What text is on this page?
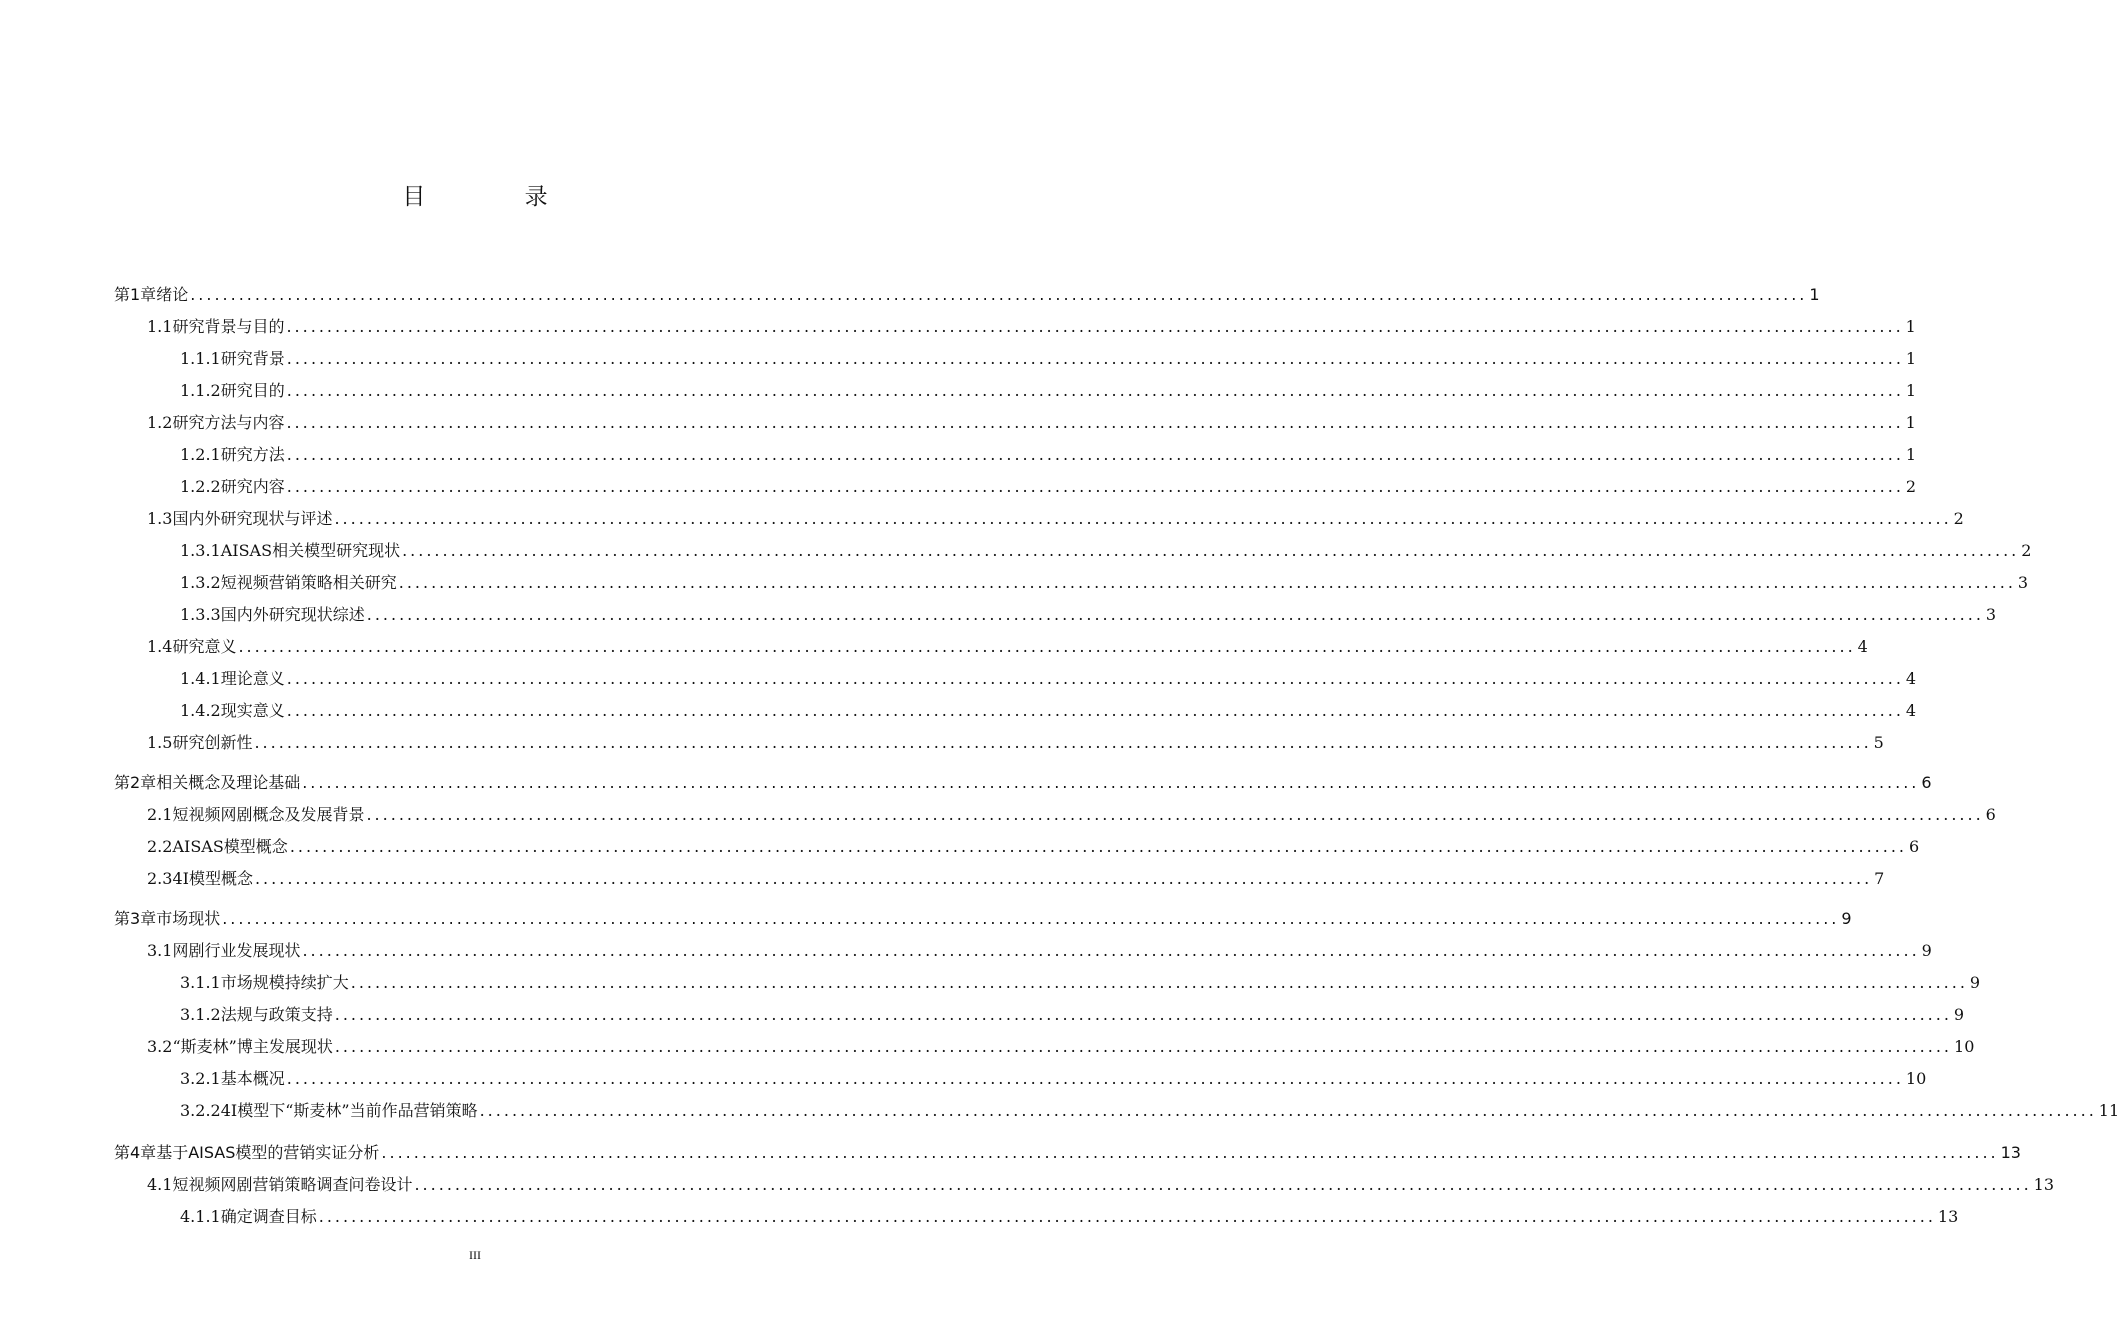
目 录
第1章 绪论 ........................................................................................................................................................................................................ 1
1.1 研究背景与目的 ........................................................................................................................................................................................................ 1
1.1.1 研究背景 ........................................................................................................................................................................................................ 1
1.1.2 研究目的 ........................................................................................................................................................................................................ 1
1.2 研究方法与内容 ........................................................................................................................................................................................................ 1
1.2.1 研究方法 ........................................................................................................................................................................................................ 1
1.2.2 研究内容 ........................................................................................................................................................................................................ 2
1.3 国内外研究现状与评述 ........................................................................................................................................................................................................ 2
1.3.1 AISAS相关模型研究现状 ........................................................................................................................................................................................................ 2
1.3.2 短视频营销策略相关研究 ........................................................................................................................................................................................................ 3
1.3.3 国内外研究现状综述 ........................................................................................................................................................................................................ 3
1.4 研究意义 ........................................................................................................................................................................................................ 4
1.4.1 理论意义 ........................................................................................................................................................................................................ 4
1.4.2 现实意义 ........................................................................................................................................................................................................ 4
1.5 研究创新性 ........................................................................................................................................................................................................ 5
第2章 相关概念及理论基础 ........................................................................................................................................................................................................ 6
2.1 短视频网剧概念及发展背景 ........................................................................................................................................................................................................ 6
2.2 AISAS模型概念 ........................................................................................................................................................................................................ 6
2.3 4I模型概念 ........................................................................................................................................................................................................ 7
第3章 市场现状 ........................................................................................................................................................................................................ 9
3.1 网剧行业发展现状 ........................................................................................................................................................................................................ 9
3.1.1 市场规模持续扩大 ........................................................................................................................................................................................................ 9
3.1.2 法规与政策支持 ........................................................................................................................................................................................................ 9
3.2 “斯麦林”博主发展现状 ........................................................................................................................................................................................................ 10
3.2.1 基本概况 ........................................................................................................................................................................................................ 10
3.2.2 4I模型下“斯麦林”当前作品营销策略 ........................................................................................................................................................................................................ 11
第4章 基于AISAS模型的营销实证分析 ........................................................................................................................................................................................................ 13
4.1 短视频网剧营销策略调查问卷设计 ........................................................................................................................................................................................................ 13
4.1.1 确定调查目标 ........................................................................................................................................................................................................ 13
III
